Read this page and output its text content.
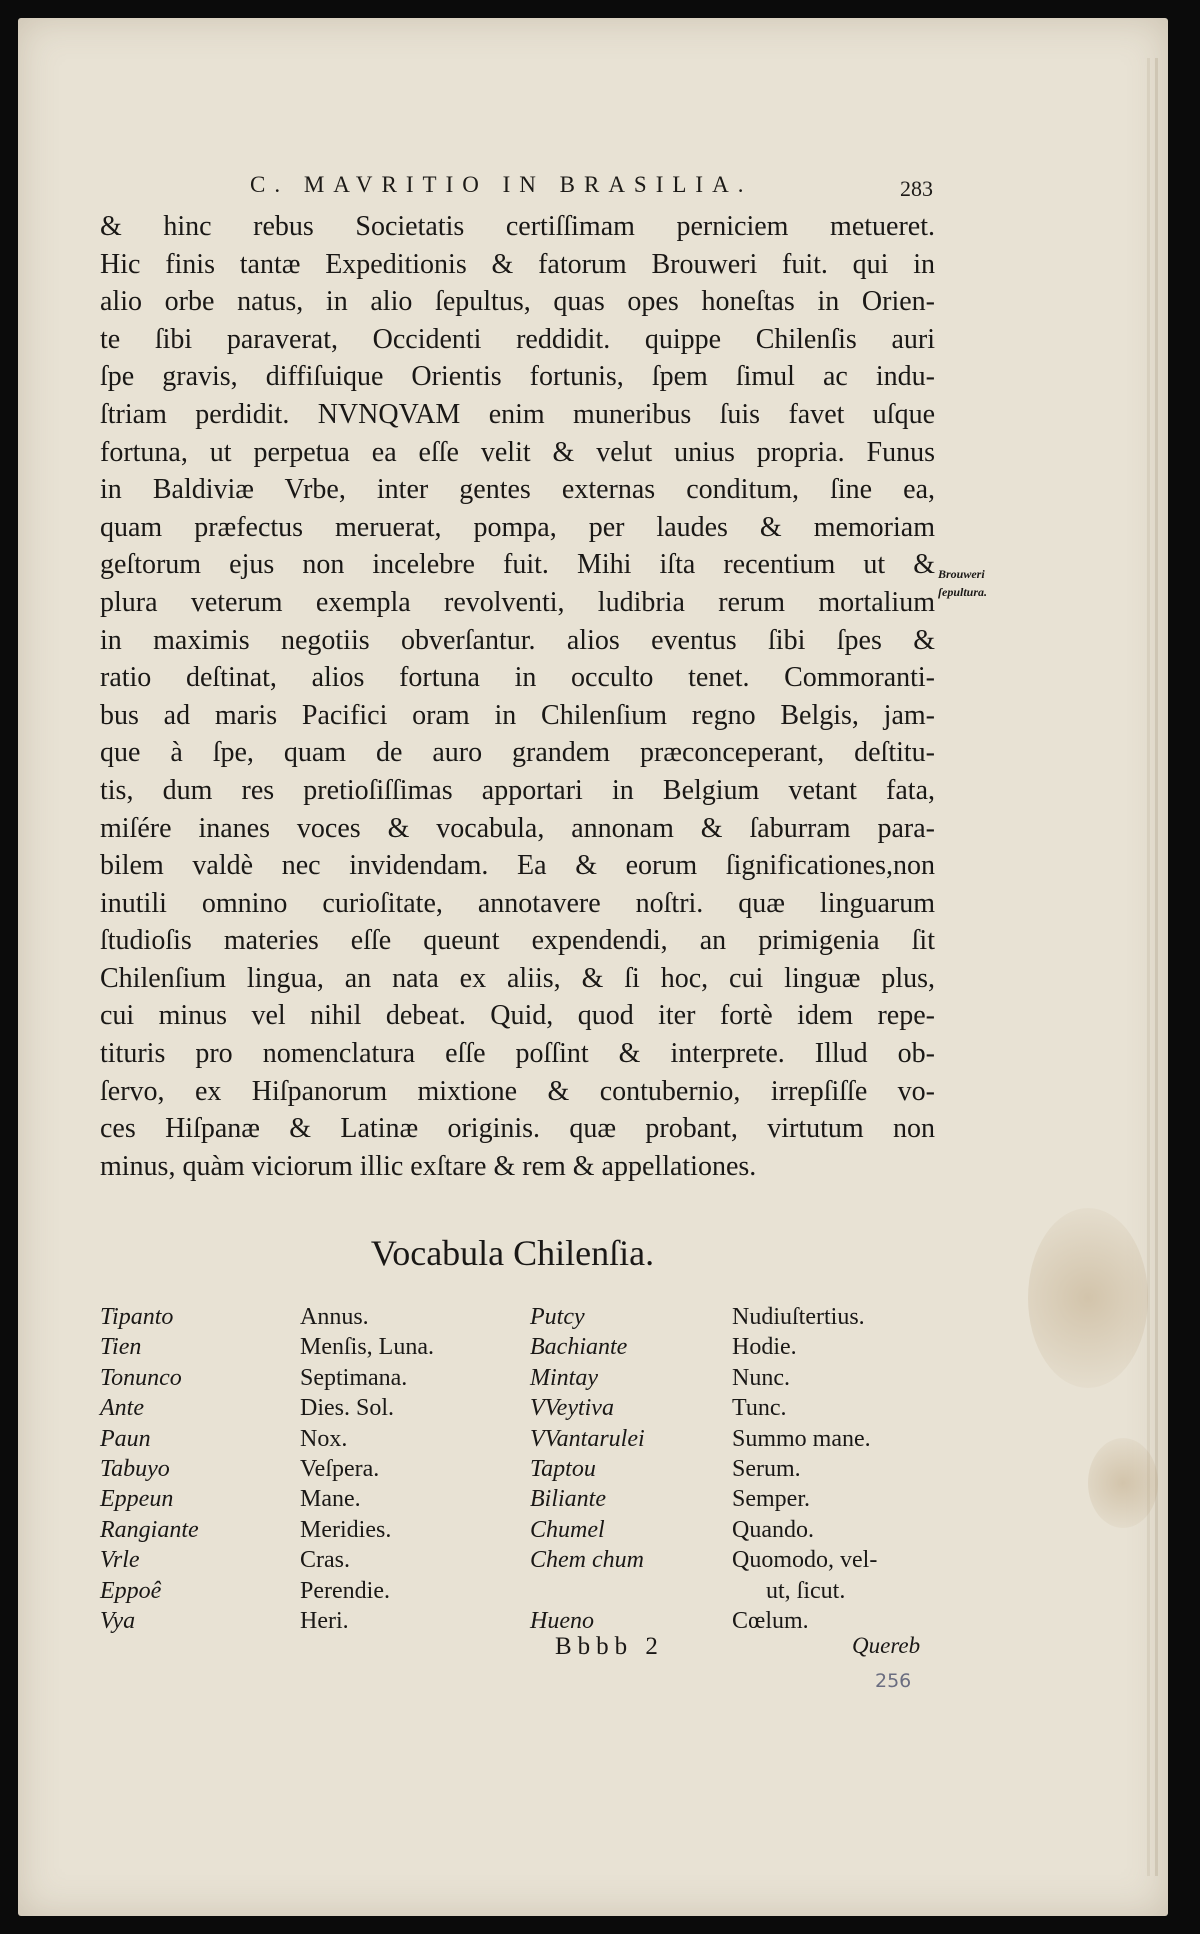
C. MAVRITIO IN BRASILIA.	283
& hinc rebus Societatis certiſſimam perniciem metueret.
Hic finis tantæ Expeditionis & fatorum Brouweri fuit. qui in
alio orbe natus, in alio ſepultus, quas opes honeſtas in Orien-
te ſibi paraverat, Occidenti reddidit. quippe Chilenſis auri
ſpe gravis, diffiſuique Orientis fortunis, ſpem ſimul ac indu-
ſtriam perdidit. NVNQVAM enim muneribus ſuis favet uſque
fortuna, ut perpetua ea eſſe velit & velut unius propria. Funus
in Baldiviæ Vrbe, inter gentes externas conditum, ſine ea,
quam præfectus meruerat, pompa, per laudes & memoriam
geſtorum ejus non incelebre fuit. Mihi iſta recentium ut &
plura veterum exempla revolventi, ludibria rerum mortalium
in maximis negotiis obverſantur. alios eventus ſibi ſpes &
ratio deſtinat, alios fortuna in occulto tenet. Commoranti-
bus ad maris Pacifici oram in Chilenſium regno Belgis, jam-
que à ſpe, quam de auro grandem præconceperant, deſtitu-
tis, dum res pretioſiſſimas apportari in Belgium vetant fata,
miſére inanes voces & vocabula, annonam & ſaburram para-
bilem valdè nec invidendam. Ea & eorum ſignificationes,non
inutili omnino curioſitate, annotavere noſtri. quæ linguarum
ſtudioſis materies eſſe queunt expendendi, an primigenia ſit
Chilenſium lingua, an nata ex aliis, & ſi hoc, cui linguæ plus,
cui minus vel nihil debeat. Quid, quod iter fortè idem repe-
tituris pro nomenclatura eſſe poſſint & interprete. Illud ob-
ſervo, ex Hiſpanorum mixtione & contubernio, irrepſiſſe vo-
ces Hiſpanæ & Latinæ originis. quæ probant, virtutum non
minus, quàm viciorum illic exſtare & rem & appellationes.
Brouweri
ſepultura.
Vocabula Chilenſia.
Tipanto
Tien
Tonunco
Ante
Paun
Tabuyo
Eppeun
Rangiante
Vrle
Eppoê
Vya
Annus.
Menſis, Luna.
Septimana.
Dies. Sol.
Nox.
Veſpera.
Mane.
Meridies.
Cras.
Perendie.
Heri.
Putcy
Bachiante
Mintay
VVeytiva
VVantarulei
Taptou
Biliante
Chumel
Chem chum
Hueno
Nudiuſtertius.
Hodie.
Nunc.
Tunc.
Summo mane.
Serum.
Semper.
Quando.
Quomodo, vel-
ut, ſicut.
Cœlum.
Bbbb 2	Quereb
256
